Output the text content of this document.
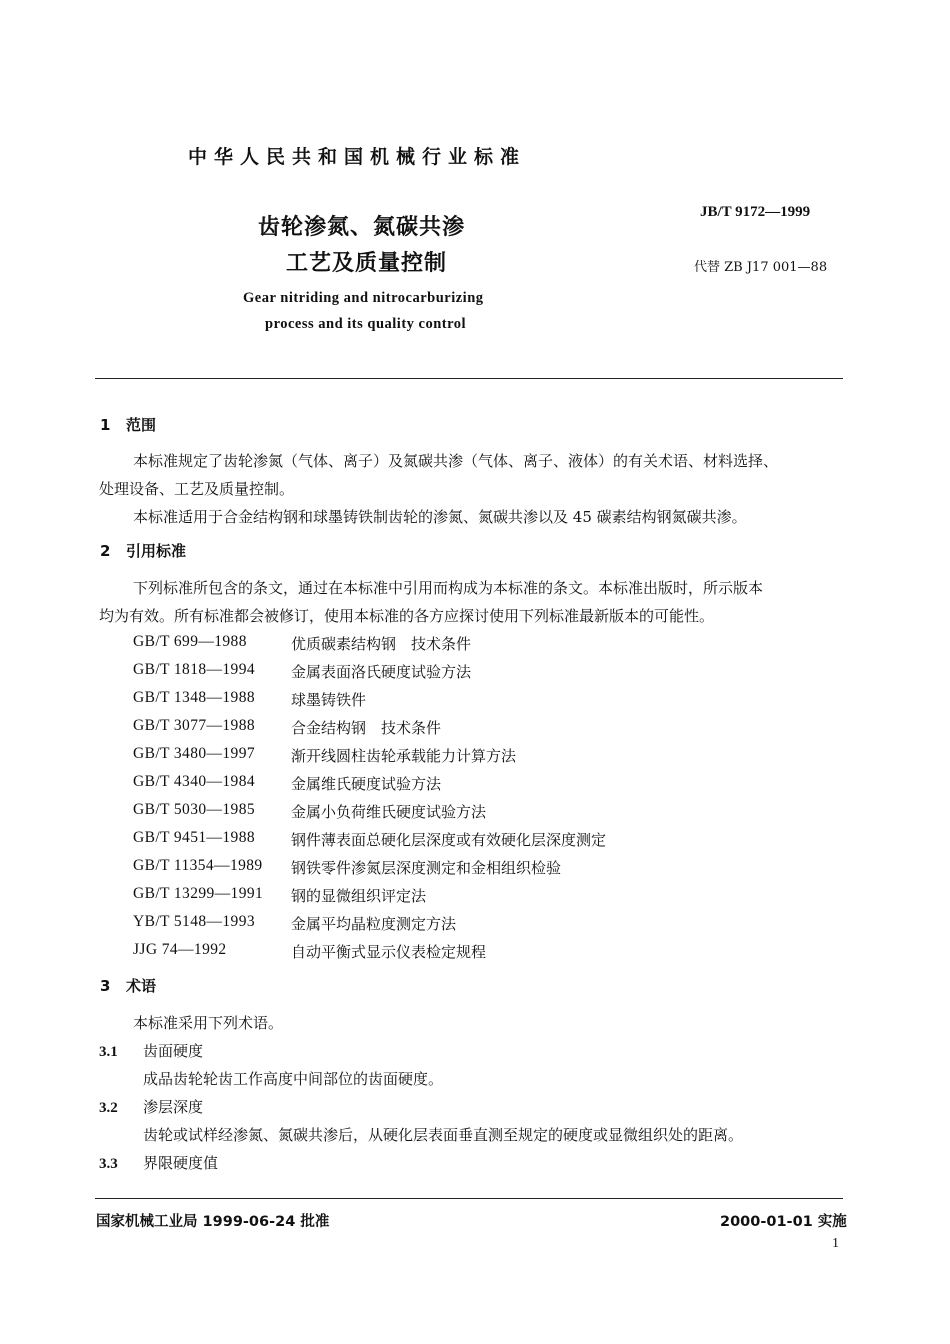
中华人民共和国机械行业标准
齿轮渗氮、氮碳共渗
工艺及质量控制
Gear nitriding and nitrocarburizing
process and its quality control
JB/T 9172—1999
代替 ZB J17 001—88
1 范围
本标准规定了齿轮渗氮（气体、离子）及氮碳共渗（气体、离子、液体）的有关术语、材料选择、
处理设备、工艺及质量控制。
本标准适用于合金结构钢和球墨铸铁制齿轮的渗氮、氮碳共渗以及 45 碳素结构钢氮碳共渗。
2 引用标准
下列标准所包含的条文，通过在本标准中引用而构成为本标准的条文。本标准出版时，所示版本
均为有效。所有标准都会被修订，使用本标准的各方应探讨使用下列标准最新版本的可能性。
GB/T 699—1988	优质碳素结构钢　技术条件
GB/T 1818—1994 金属表面洛氏硬度试验方法
GB/T 1348—1988 球墨铸铁件
GB/T 3077—1988 合金结构钢　技术条件
GB/T 3480—1997 渐开线圆柱齿轮承载能力计算方法
GB/T 4340—1984 金属维氏硬度试验方法
GB/T 5030—1985 金属小负荷维氏硬度试验方法
GB/T 9451—1988 钢件薄表面总硬化层深度或有效硬化层深度测定
GB/T 11354—1989 钢铁零件渗氮层深度测定和金相组织检验
GB/T 13299—1991 钢的显微组织评定法
YB/T 5148—1993 金属平均晶粒度测定方法
JJG 74—1992	自动平衡式显示仪表检定规程
3 术语
本标准采用下列术语。
3.1 齿面硬度
成品齿轮轮齿工作高度中间部位的齿面硬度。
3.2 渗层深度
齿轮或试样经渗氮、氮碳共渗后，从硬化层表面垂直测至规定的硬度或显微组织处的距离。
3.3 界限硬度值
国家机械工业局 1999-06-24 批准	2000-01-01 实施
1
